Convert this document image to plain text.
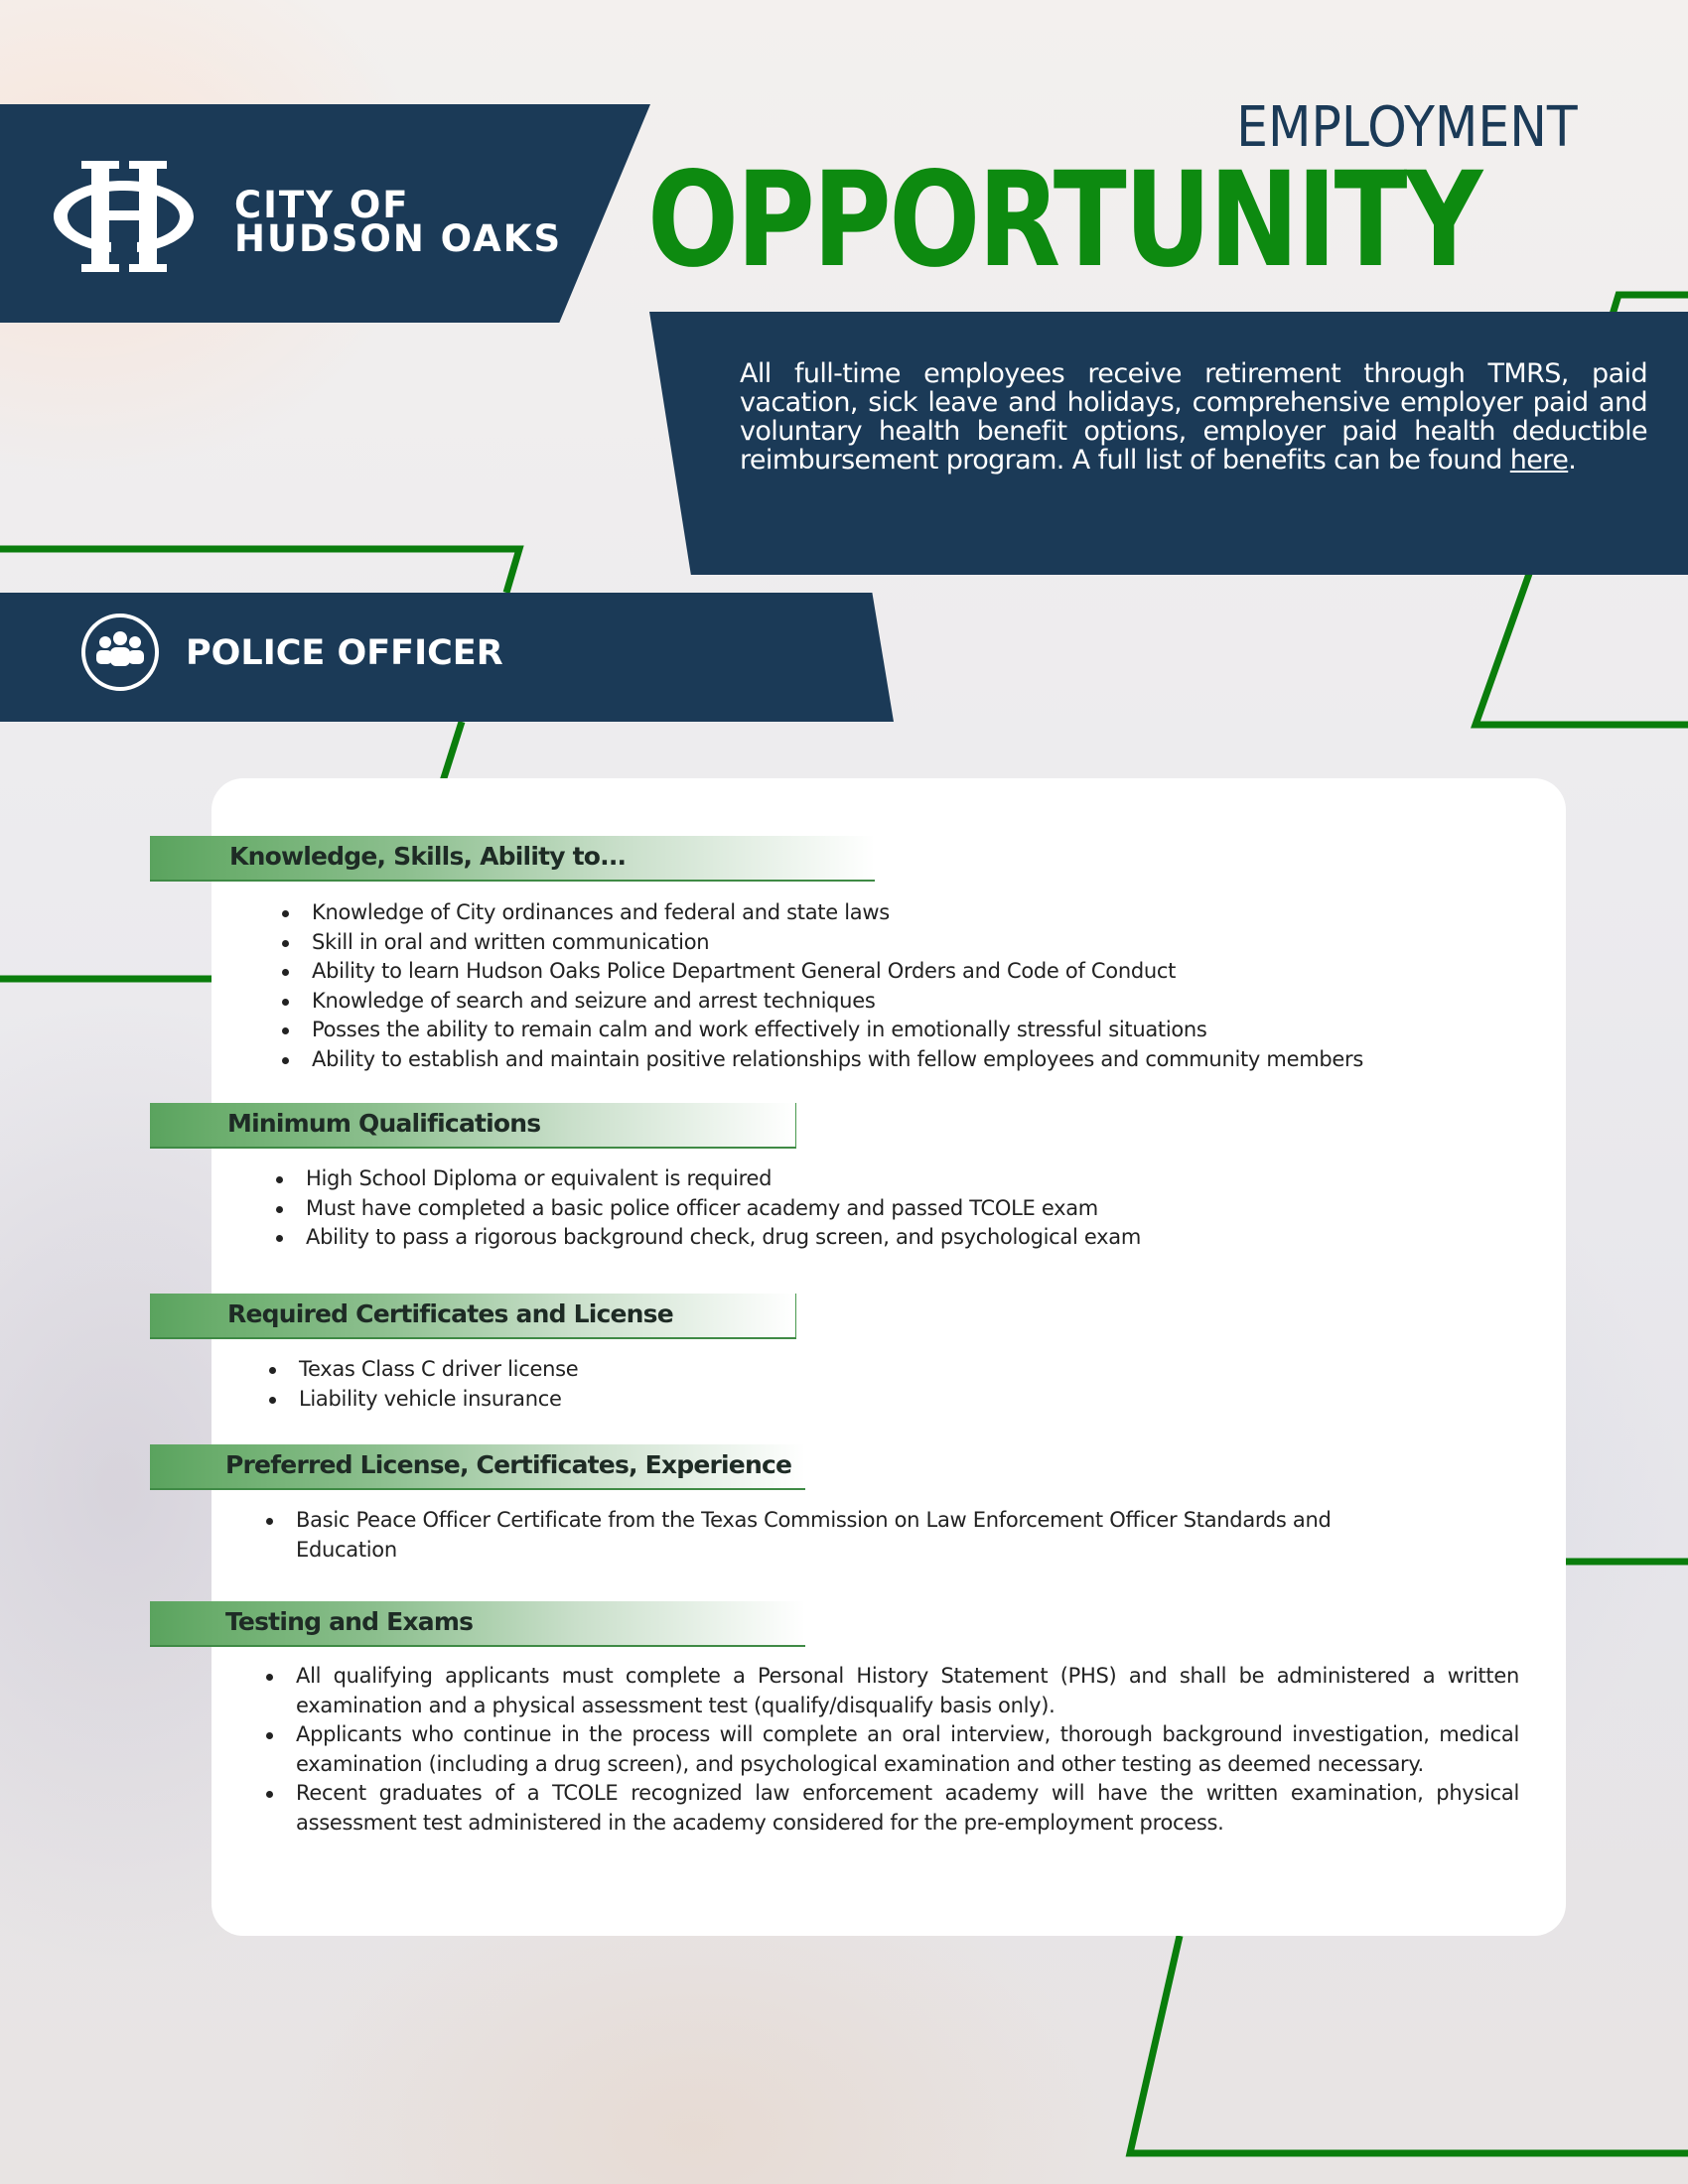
CITY OF
HUDSON OAKS
EMPLOYMENT
OPPORTUNITY
All full-time employees receive retirement through TMRS, paid vacation, sick leave and holidays, comprehensive employer paid and voluntary health benefit options, employer paid health deductible reimbursement program. A full list of benefits can be found here.
POLICE OFFICER
Knowledge, Skills, Ability to...
Knowledge of City ordinances and federal and state laws
Skill in oral and written communication
Ability to learn Hudson Oaks Police Department General Orders and Code of Conduct
Knowledge of search and seizure and arrest techniques
Posses the ability to remain calm and work effectively in emotionally stressful situations
Ability to establish and maintain positive relationships with fellow employees and community members
Minimum Qualifications
High School Diploma or equivalent is required
Must have completed a basic police officer academy and passed TCOLE exam
Ability to pass a rigorous background check, drug screen, and psychological exam
Required Certificates and License
Texas Class C driver license
Liability vehicle insurance
Preferred License, Certificates, Experience
Basic Peace Officer Certificate from the Texas Commission on Law Enforcement Officer Standards and Education
Testing and Exams
All qualifying applicants must complete a Personal History Statement (PHS) and shall be administered a written examination and a physical assessment test (qualify/disqualify basis only).
Applicants who continue in the process will complete an oral interview, thorough background investigation, medical examination (including a drug screen), and psychological examination and other testing as deemed necessary.
Recent graduates of a TCOLE recognized law enforcement academy will have the written examination, physical assessment test administered in the academy considered for the pre-employment process.
